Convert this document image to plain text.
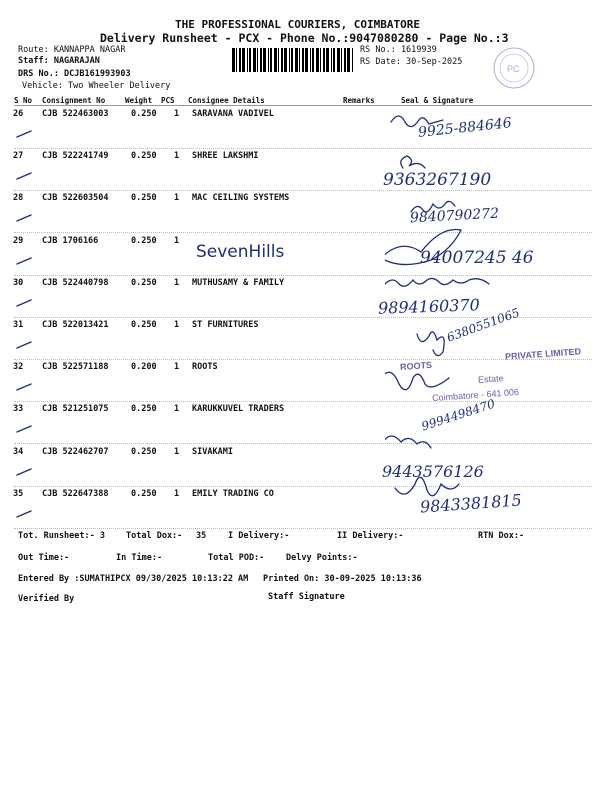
THE PROFESSIONAL COURIERS, COIMBATORE
Delivery Runsheet - PCX - Phone No.:9047080280 - Page No.:3
Route: KANNAPPA NAGAR
Staff: NAGARAJAN
DRS No.: DCJB161993903
Vehicle: Two Wheeler Delivery
RS No.: 1619939
RS Date: 30-Sep-2025
PC
S No Consignment No	Weight PCS Consignee Details	Remarks	Seal & Signature
26 CJB 522463003	0.250 1 SARAVANA VADIVEL
27 CJB 522241749	0.250 1 SHREE LAKSHMI
28 CJB 522603504	0.250 1 MAC CEILING SYSTEMS
29 CJB 1706166	0.250 1
30 CJB 522440798	0.250 1 MUTHUSAMY & FAMILY
31 CJB 522013421	0.250 1 ST FURNITURES
32 CJB 522571188	0.200 1 ROOTS
33 CJB 521251075	0.250 1 KARUKKUVEL TRADERS
34 CJB 522462707	0.250 1 SIVAKAMI
35 CJB 522647388	0.250 1 EMILY TRADING CO
SevenHills
9925-884646
9363267190
9840790272
94007245 46
9894160370
6380551065
9994498470
9443576126
9843381815
ROOTS
PRIVATE LIMITED
Estate
Coimbatore - 641 006
Tot. Runsheet:- 3 Total Dox:- 35	I Delivery:-	II Delivery:-	RTN Dox:-
Out Time:-	In Time:-	Total POD:-	Delvy Points:-
Entered By :SUMATHIPCX 09/30/2025 10:13:22 AM Printed On: 30-09-2025 10:13:36
Verified By	Staff Signature
